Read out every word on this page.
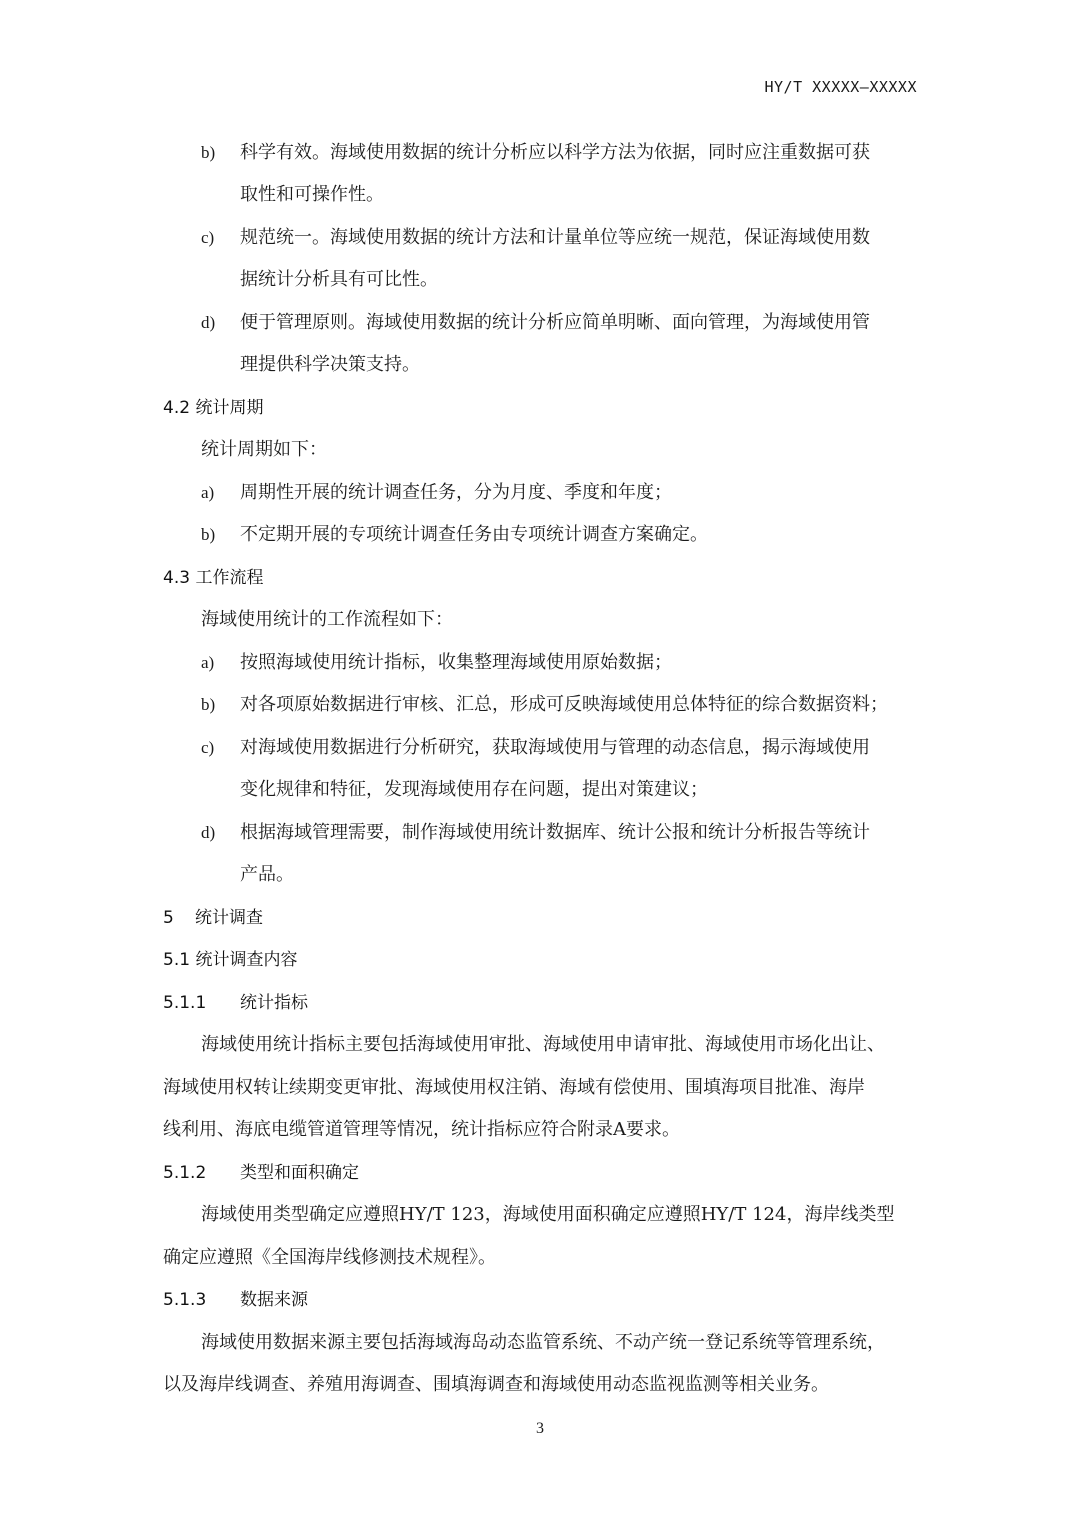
HY/T XXXXX—XXXXX
b) 科学有效。海域使用数据的统计分析应以科学方法为依据，同时应注重数据可获
取性和可操作性。
c) 规范统一。海域使用数据的统计方法和计量单位等应统一规范，保证海域使用数
据统计分析具有可比性。
d) 便于管理原则。海域使用数据的统计分析应简单明晰、面向管理，为海域使用管
理提供科学决策支持。
4.2 统计周期
统计周期如下：
a) 周期性开展的统计调查任务，分为月度、季度和年度；
b) 不定期开展的专项统计调查任务由专项统计调查方案确定。
4.3 工作流程
海域使用统计的工作流程如下：
a) 按照海域使用统计指标，收集整理海域使用原始数据；
b) 对各项原始数据进行审核、汇总，形成可反映海域使用总体特征的综合数据资料；
c) 对海域使用数据进行分析研究，获取海域使用与管理的动态信息，揭示海域使用
变化规律和特征，发现海域使用存在问题，提出对策建议；
d) 根据海域管理需要，制作海域使用统计数据库、统计公报和统计分析报告等统计
产品。
5 统计调查
5.1 统计调查内容
5.1.1 统计指标
海域使用统计指标主要包括海域使用审批、海域使用申请审批、海域使用市场化出让、
海域使用权转让续期变更审批、海域使用权注销、海域有偿使用、围填海项目批准、海岸
线利用、海底电缆管道管理等情况，统计指标应符合附录A要求。
5.1.2 类型和面积确定
海域使用类型确定应遵照HY/T 123，海域使用面积确定应遵照HY/T 124，海岸线类型
确定应遵照《全国海岸线修测技术规程》。
5.1.3 数据来源
海域使用数据来源主要包括海域海岛动态监管系统、不动产统一登记系统等管理系统，
以及海岸线调查、养殖用海调查、围填海调查和海域使用动态监视监测等相关业务。
3
